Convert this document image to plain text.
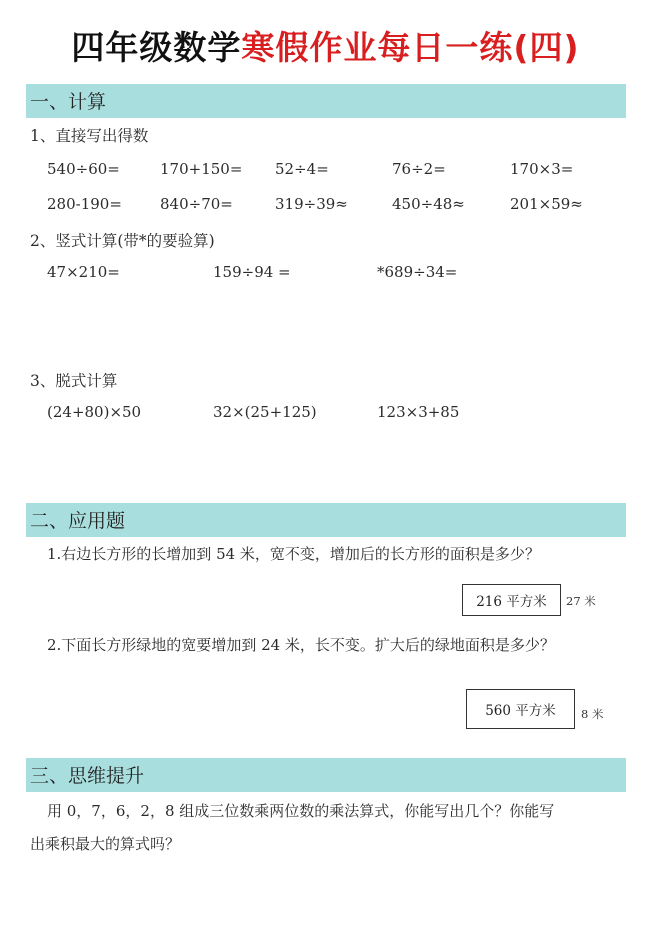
四年级数学寒假作业每日一练(四)
一、计算
1、直接写出得数
540÷60=	170+150= 52÷4=	76÷2=	170×3=
280-190=	840÷70=	319÷39≈	450÷48≈	201×59≈
2、竖式计算(带*的要验算)
47×210=	159÷94 =	*689÷34=
3、脱式计算
(24+80)×50	32×(25+125)	123×3+85
二、应用题
1.右边长方形的长增加到 54 米，宽不变，增加后的长方形的面积是多少？
216 平方米 27 米
2.下面长方形绿地的宽要增加到 24 米，长不变。扩大后的绿地面积是多少？
560 平方米 8 米
三、思维提升
用 0，7，6，2，8 组成三位数乘两位数的乘法算式，你能写出几个？你能写
出乘积最大的算式吗？
